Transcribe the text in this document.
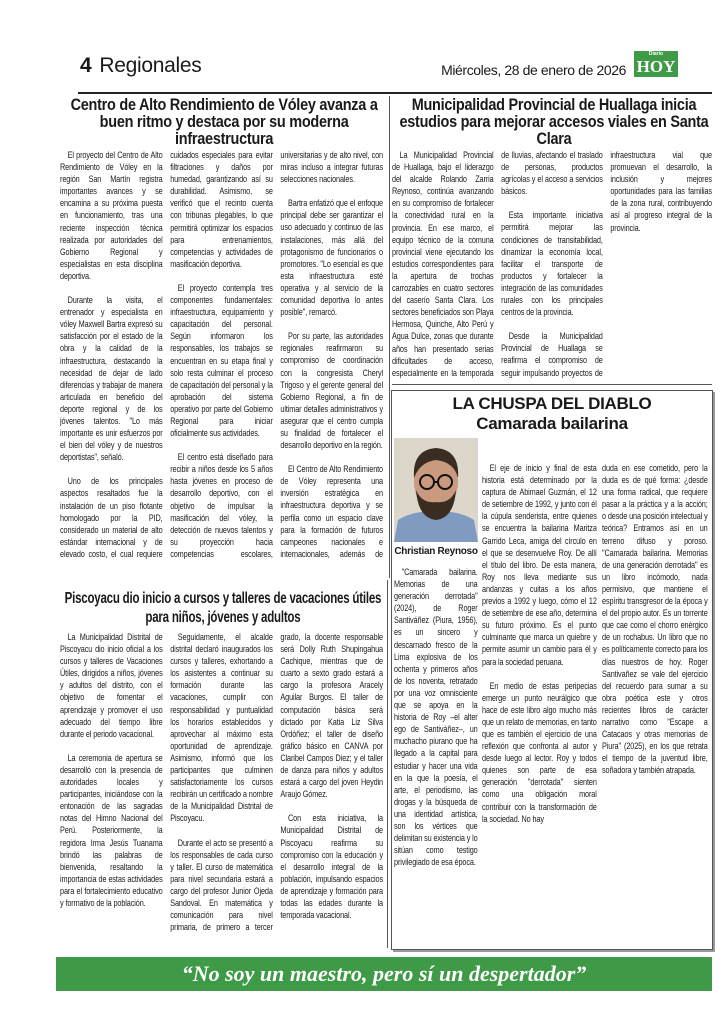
4 Regionales	Miércoles, 28 de enero de 2026
Diario
HOY
Centro de Alto Rendimiento de Vóley avanza a buen ritmo y destaca por su moderna infraestructura

El proyecto del Centro de Alto Rendimiento de Vóley en la región San Martín registra importantes avances y se encamina a su próxima puesta en funcionamiento, tras una reciente inspección técnica realizada por autoridades del Gobierno Regional y especialistas en esta disciplina deportiva.

Durante la visita, el entrenador y especialista en vóley Maxwell Bartra expresó su satisfacción por el estado de la obra y la calidad de la infraestructura, destacando la necesidad de dejar de lado diferencias y trabajar de manera articulada en beneficio del deporte regional y de los jóvenes talentos. "Lo más importante es unir esfuerzos por el bien del vóley y de nuestros deportistas", señaló.

Uno de los principales aspectos resaltados fue la instalación de un piso flotante homologado por la PID, considerado un material de alto estándar internacional y de elevado costo, el cual requiere cuidados especiales para evitar filtraciones y daños por humedad, garantizando así su durabilidad. Asimismo, se verificó que el recinto cuenta con tribunas plegables, lo que permitirá optimizar los espacios para entrenamientos, competencias y actividades de masificación deportiva.

El proyecto contempla tres componentes fundamentales: infraestructura, equipamiento y capacitación del personal. Según informaron los responsables, los trabajos se encuentran en su etapa final y solo resta culminar el proceso de capacitación del personal y la aprobación del sistema operativo por parte del Gobierno Regional para iniciar oficialmente sus actividades.

El centro está diseñado para recibir a niños desde los 5 años hasta jóvenes en proceso de desarrollo deportivo, con el objetivo de impulsar la masificación del vóley, la detección de nuevos talentos y su proyección hacia competencias escolares, universitarias y de alto nivel, con miras incluso a integrar futuras selecciones nacionales.

Bartra enfatizó que el enfoque principal debe ser garantizar el uso adecuado y continuo de las instalaciones, más allá del protagonismo de funcionarios o promotores. "Lo esencial es que esta infraestructura esté operativa y al servicio de la comunidad deportiva lo antes posible", remarcó.

Por su parte, las autoridades regionales reafirmaron su compromiso de coordinación con la congresista Cheryl Trigoso y el gerente general del Gobierno Regional, a fin de ultimar detalles administrativos y asegurar que el centro cumpla su finalidad de fortalecer el desarrollo deportivo en la región.

El Centro de Alto Rendimiento de Vóley representa una inversión estratégica en infraestructura deportiva y se perfila como un espacio clave para la formación de futuros campeones nacionales e internacionales, además de

Municipalidad Provincial de Huallaga inicia estudios para mejorar accesos viales en Santa Clara

La Municipalidad Provincial de Huallaga, bajo el liderazgo del alcalde Rolando Zarria Reynoso, continúa avanzando en su compromiso de fortalecer la conectividad rural en la provincia. En ese marco, el equipo técnico de la comuna provincial viene ejecutando los estudios correspondientes para la apertura de trochas carrozables en cuatro sectores del caserío Santa Clara. Los sectores beneficiados son Playa Hermosa, Quinche, Alto Perú y Agua Dulce, zonas que durante años han presentado serias dificultades de acceso, especialmente en la temporada de lluvias, afectando el traslado de personas, productos agrícolas y el acceso a servicios básicos.

Esta importante iniciativa permitirá mejorar las condiciones de transitabilidad, dinamizar la economía local, facilitar el transporte de productos y fortalecer la integración de las comunidades rurales con los principales centros de la provincia.

Desde la Municipalidad Provincial de Huallaga se reafirma el compromiso de seguir impulsando proyectos de infraestructura vial que promuevan el desarrollo, la inclusión y mejores oportunidades para las familias de la zona rural, contribuyendo así al progreso integral de la provincia.

LA CHUSPA DEL DIABLO
Camarada bailarina
Christian Reynoso

"Camarada bailarina. Memorias de una generación derrotada" (2024), de Roger Santiváñez (Piura, 1956), es un sincero y descarnado fresco de la Lima explosiva de los ochenta y primeros años de los noventa, retratado por una voz omnisciente que se apoya en la historia de Roy –el alter ego de Santiváñez–, un muchacho piurano que ha llegado a la capital para estudiar y hacer una vida en la que la poesía, el arte, el periodismo, las drogas y la búsqueda de una identidad artística, son los vértices que delimitan su existencia y lo sitúan como testigo privilegiado de esa época.

El eje de inicio y final de esta historia está determinado por la captura de Abimael Guzmán, el 12 de setiembre de 1992, y junto con él la cúpula senderista, entre quienes se encuentra la bailarina Maritza Garrido Leca, amiga del círculo en el que se desenvuelve Roy. De allí el título del libro. De esta manera, Roy nos lleva mediante sus andanzas y cuitas a los años previos a 1992 y luego, cómo el 12 de setiembre de ese año, determina su futuro próximo. Es el punto culminante que marca un quiebre y permite asumir un cambio para él y para la sociedad peruana.

En medio de estas peripecias emerge un punto neurálgico que hace de este libro algo mucho más que un relato de memorias, en tanto que es también el ejercicio de una reflexión que confronta al autor y desde luego al lector. Roy y todos quienes son parte de esa generación "derrotada" sienten como una obligación moral contribuir con la transformación de la sociedad. No hay

duda en ese cometido, pero la duda es de qué forma: ¿desde una forma radical, que requiere pasar a la práctica y a la acción; o desde una posición intelectual y teórica? Entramos así en un terreno difuso y poroso. "Camarada bailarina. Memorias de una generación derrotada" es un libro incómodo, nada permisivo, que mantiene el espíritu transgresor de la época y el del propio autor. Es un torrente que cae como el chorro enérgico de un rochabus. Un libro que no es políticamente correcto para los días nuestros de hoy. Roger Santivañez se vale del ejercicio del recuerdo para sumar a su obra poética este y otros recientes libros de carácter narrativo como "Escape a Catacaos y otras memorias de Piura" (2025), en los que retrata el tiempo de la juventud libre, soñadora y también atrapada.

Piscoyacu dio inicio a cursos y talleres de vacaciones útiles para niños, jóvenes y adultos

La Municipalidad Distrital de Piscoyacu dio inicio oficial a los cursos y talleres de Vacaciones Útiles, dirigidos a niños, jóvenes y adultos del distrito, con el objetivo de fomentar el aprendizaje y promover el uso adecuado del tiempo libre durante el periodo vacacional.

La ceremonia de apertura se desarrolló con la presencia de autoridades locales y participantes, iniciándose con la entonación de las sagradas notas del Himno Nacional del Perú. Posteriormente, la regidora Irma Jesús Tuanama brindó las palabras de bienvenida, resaltando la importancia de estas actividades para el fortalecimiento educativo y formativo de la población.

Seguidamente, el alcalde distrital declaró inaugurados los cursos y talleres, exhortando a los asistentes a continuar su formación durante las vacaciones, cumplir con responsabilidad y puntualidad los horarios establecidos y aprovechar al máximo esta oportunidad de aprendizaje. Asimismo, informó que los participantes que culminen satisfactoriamente los cursos recibirán un certificado a nombre de la Municipalidad Distrital de Piscoyacu.

Durante el acto se presentó a los responsables de cada curso y taller. El curso de matemática para nivel secundaria estará a cargo del profesor Junior Ojeda Sandoval. En matemática y comunicación para nivel primaria, de primero a tercer grado, la docente responsable será Dolly Ruth Shupingahua Cachique, mientras que de cuarto a sexto grado estará a cargo la profesora Aracely Aguilar Burgos. El taller de computación básica será dictado por Katia Liz Silva Ordóñez; el taller de diseño gráfico básico en CANVA por Claribel Campos Diez; y el taller de danza para niños y adultos estará a cargo del joven Heydin Araujo Gómez.

Con esta iniciativa, la Municipalidad Distrital de Piscoyacu reafirma su compromiso con la educación y el desarrollo integral de la población, impulsando espacios de aprendizaje y formación para todas las edades durante la temporada vacacional.

“No soy un maestro, pero sí un despertador”
